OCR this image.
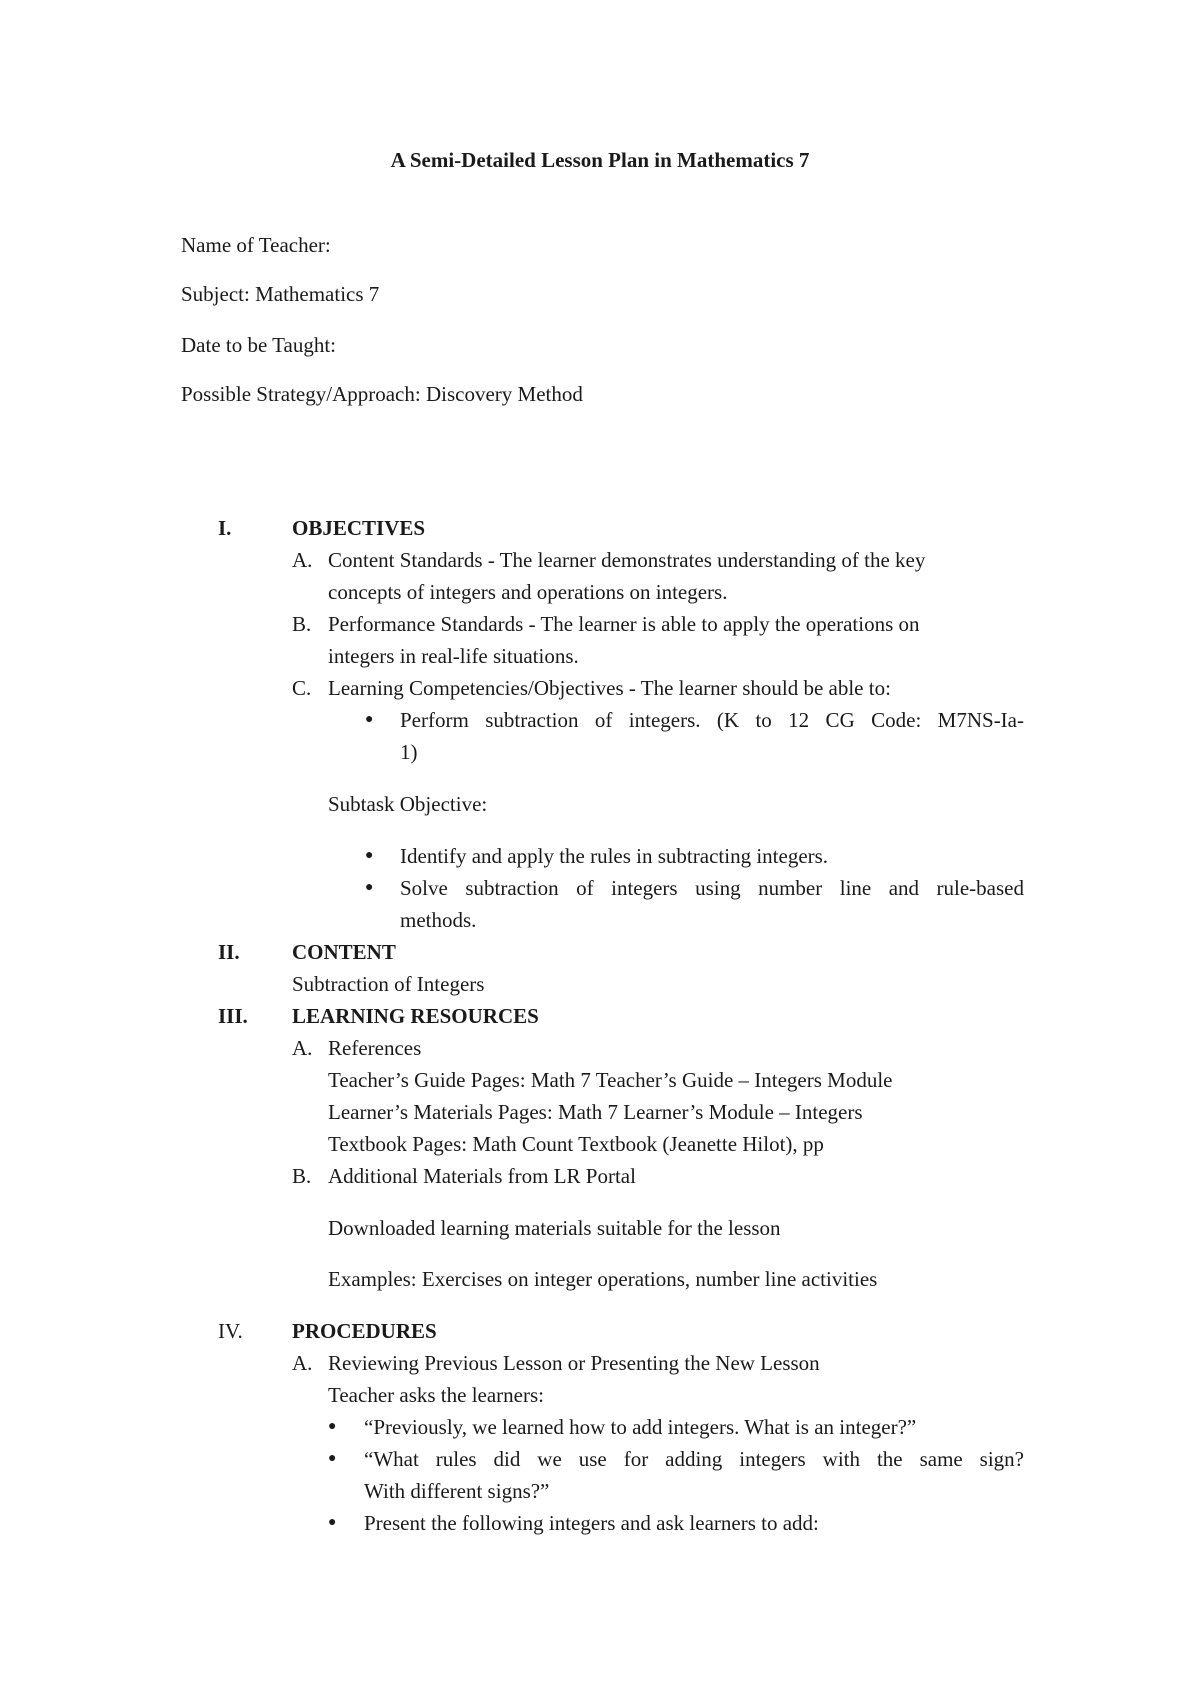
A Semi-Detailed Lesson Plan in Mathematics 7
Name of Teacher:
Subject: Mathematics 7
Date to be Taught:
Possible Strategy/Approach: Discovery Method
I.	OBJECTIVES
A. Content Standards - The learner demonstrates understanding of the key
concepts of integers and operations on integers.
B. Performance Standards - The learner is able to apply the operations on
integers in real-life situations.
C. Learning Competencies/Objectives - The learner should be able to:
● Perform subtraction of integers. (K to 12 CG Code: M7NS-Ia-
1)
Subtask Objective:
● Identify and apply the rules in subtracting integers.
● Solve subtraction of integers using number line and rule-based
methods.
II.	CONTENT
Subtraction of Integers
III.	LEARNING RESOURCES
A. References
Teacher’s Guide Pages: Math 7 Teacher’s Guide – Integers Module
Learner’s Materials Pages: Math 7 Learner’s Module – Integers
Textbook Pages: Math Count Textbook (Jeanette Hilot), pp
B. Additional Materials from LR Portal
Downloaded learning materials suitable for the lesson
Examples: Exercises on integer operations, number line activities
IV.	PROCEDURES
A. Reviewing Previous Lesson or Presenting the New Lesson
Teacher asks the learners:
● “Previously, we learned how to add integers. What is an integer?”
● “What rules did we use for adding integers with the same sign?
With different signs?”
● Present the following integers and ask learners to add:
